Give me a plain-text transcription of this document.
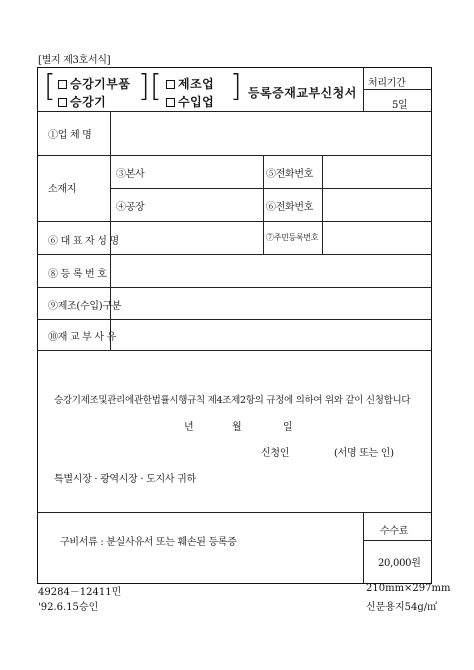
[별지 제3호서식]
[	승강기부품
승강기 ] [	제조업
수입업 ] 등록증재교부신청서
처리기간
5일
①업 체 명
소재지
③본사	⑤전화번호
④공장	⑥전화번호
⑥ 대 표 자 성 명	⑦주민등록번호
⑧ 등 록 번 호
⑨제조(수입)구분
⑩재 교 부 사 유
승강기제조및관리에관한법률시행규칙 제4조제2항의 규정에 의하여 위와 같이 신청합니다
년	월	일
신청인	(서명 또는 인)
특별시장 · 광역시장 · 도지사 귀하
구비서류 : 분실사유서 또는 훼손된 등록증
수수료
20,000원
49284－12411민
'92.6.15승인
210mm×297mm
신문용지54g/㎡
